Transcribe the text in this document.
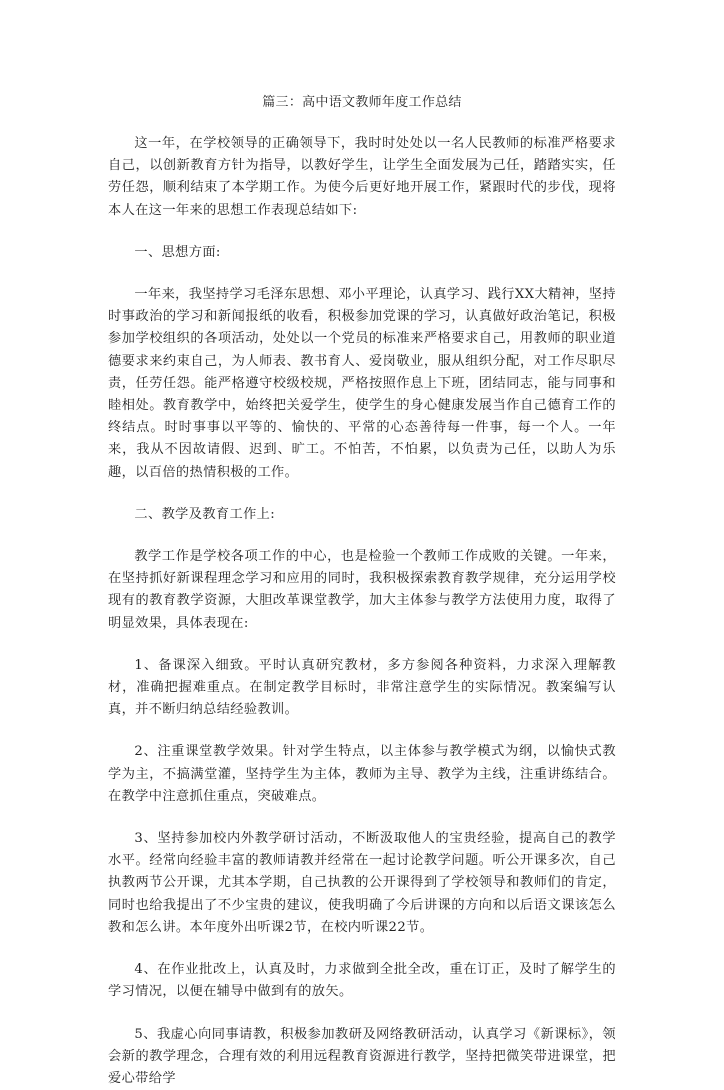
篇三：高中语文教师年度工作总结

这一年，在学校领导的正确领导下，我时时处处以一名人民教师的标准严格要求自己，以创新教育方针为指导，以教好学生，让学生全面发展为己任，踏踏实实，任劳任怨，顺利结束了本学期工作。为使今后更好地开展工作，紧跟时代的步伐，现将本人在这一年来的思想工作表现总结如下:

一、思想方面:

一年来，我坚持学习毛泽东思想、邓小平理论，认真学习、践行XX大精神，坚持时事政治的学习和新闻报纸的收看，积极参加党课的学习，认真做好政治笔记，积极参加学校组织的各项活动，处处以一个党员的标准来严格要求自己，用教师的职业道德要求来约束自己，为人师表、教书育人、爱岗敬业，服从组织分配，对工作尽职尽责，任劳任怨。能严格遵守校级校规，严格按照作息上下班，团结同志，能与同事和睦相处。教育教学中，始终把关爱学生，使学生的身心健康发展当作自己德育工作的终结点。时时事事以平等的、愉快的、平常的心态善待每一件事，每一个人。一年来，我从不因故请假、迟到、旷工。不怕苦，不怕累，以负责为己任，以助人为乐趣，以百倍的热情积极的工作。

二、教学及教育工作上:

教学工作是学校各项工作的中心，也是检验一个教师工作成败的关键。一年来，在坚持抓好新课程理念学习和应用的同时，我积极探索教育教学规律，充分运用学校现有的教育教学资源，大胆改革课堂教学，加大主体参与教学方法使用力度，取得了明显效果，具体表现在:

1、备课深入细致。平时认真研究教材，多方参阅各种资料，力求深入理解教材，准确把握难重点。在制定教学目标时，非常注意学生的实际情况。教案编写认真，并不断归纳总结经验教训。

2、注重课堂教学效果。针对学生特点，以主体参与教学模式为纲，以愉快式教学为主，不搞满堂灌，坚持学生为主体，教师为主导、教学为主线，注重讲练结合。在教学中注意抓住重点，突破难点。

3、坚持参加校内外教学研讨活动，不断汲取他人的宝贵经验，提高自己的教学水平。经常向经验丰富的教师请教并经常在一起讨论教学问题。听公开课多次，自己执教两节公开课，尤其本学期，自己执教的公开课得到了学校领导和教师们的肯定，同时也给我提出了不少宝贵的建议，使我明确了今后讲课的方向和以后语文课该怎么教和怎么讲。本年度外出听课2节，在校内听课22节。

4、在作业批改上，认真及时，力求做到全批全改，重在订正，及时了解学生的学习情况，以便在辅导中做到有的放矢。

5、我虚心向同事请教，积极参加教研及网络教研活动，认真学习《新课标》，领会新的教学理念，合理有效的利用远程教育资源进行教学，坚持把微笑带进课堂，把爱心带给学
